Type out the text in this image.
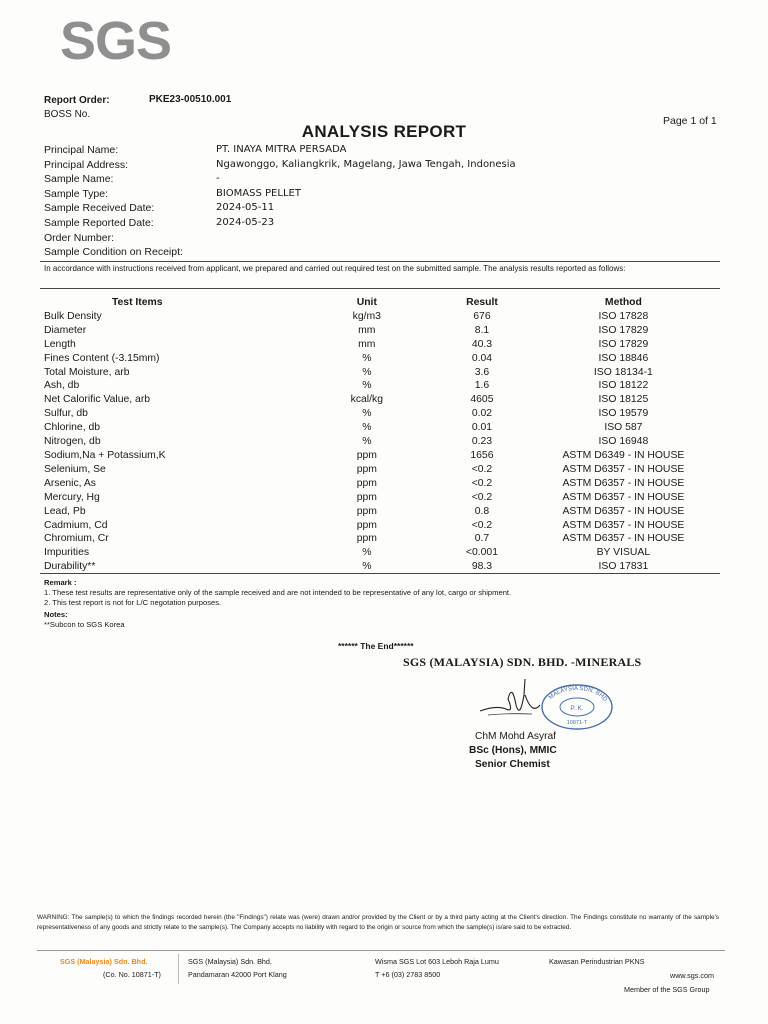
SGS
Report Order:	PKE23-00510.001
BOSS No.
Page 1 of 1
ANALYSIS REPORT
Principal Name:	PT. INAYA MITRA PERSADA
Principal Address:	Ngawonggo, Kaliangkrik, Magelang, Jawa Tengah, Indonesia
Sample Name:	-
Sample Type:	BIOMASS PELLET
Sample Received Date:	2024-05-11
Sample Reported Date:	2024-05-23
Order Number:
Sample Condition on Receipt:
In accordance with instructions received from applicant, we prepared and carried out required test on the submitted sample. The analysis results reported as follows:
Test Items	Unit	Result	Method
Bulk Density	kg/m3	676	ISO 17828
Diameter	mm	8.1	ISO 17829
Length	mm	40.3	ISO 17829
Fines Content (-3.15mm)	%	0.04	ISO 18846
Total Moisture, arb	%	3.6	ISO 18134-1
Ash, db	%	1.6	ISO 18122
Net Calorific Value, arb	kcal/kg	4605	ISO 18125
Sulfur, db	%	0.02	ISO 19579
Chlorine, db	%	0.01	ISO 587
Nitrogen, db	%	0.23	ISO 16948
Sodium,Na + Potassium,K	ppm	1656	ASTM D6349 - IN HOUSE
Selenium, Se	ppm	<0.2	ASTM D6357 - IN HOUSE
Arsenic, As	ppm	<0.2	ASTM D6357 - IN HOUSE
Mercury, Hg	ppm	<0.2	ASTM D6357 - IN HOUSE
Lead, Pb	ppm	0.8	ASTM D6357 - IN HOUSE
Cadmium, Cd	ppm	<0.2	ASTM D6357 - IN HOUSE
Chromium, Cr	ppm	0.7	ASTM D6357 - IN HOUSE
Impurities	%	<0.001	BY VISUAL
Durability**	%	98.3	ISO 17831
Remark :
1. These test results are representative only of the sample received and are not intended to be representative of any lot, cargo or shipment.
2. This test report is not for L/C negotation purposes.
Notes:
**Subcon to SGS Korea
****** The End******
SGS (MALAYSIA) SDN. BHD. -MINERALS
MALAYSIA SDN. BHD.
P. K.
10871-T
ChM Mohd Asyraf
BSc (Hons), MMIC
Senior Chemist
WARNING: The sample(s) to which the findings recorded herein (the "Findings") relate was (were) drawn and/or provided by the Client or by a third party acting at the Client's direction. The Findings constitute no warranty of the sample's representativeness of any goods and strictly relate to the sample(s). The Company accepts no liability with regard to the origin or source from which the sample(s) is/are said to be extracted.
SGS (Malaysia) Sdn. Bhd.
(Co. No. 10871-T)
SGS (Malaysia) Sdn. Bhd.
Pandamaran 42000 Port Klang
Wisma SGS Lot 603 Leboh Raja Lumu
T +6 (03) 2783 8500
Kawasan Perindustrian PKNS
www.sgs.com
Member of the SGS Group
